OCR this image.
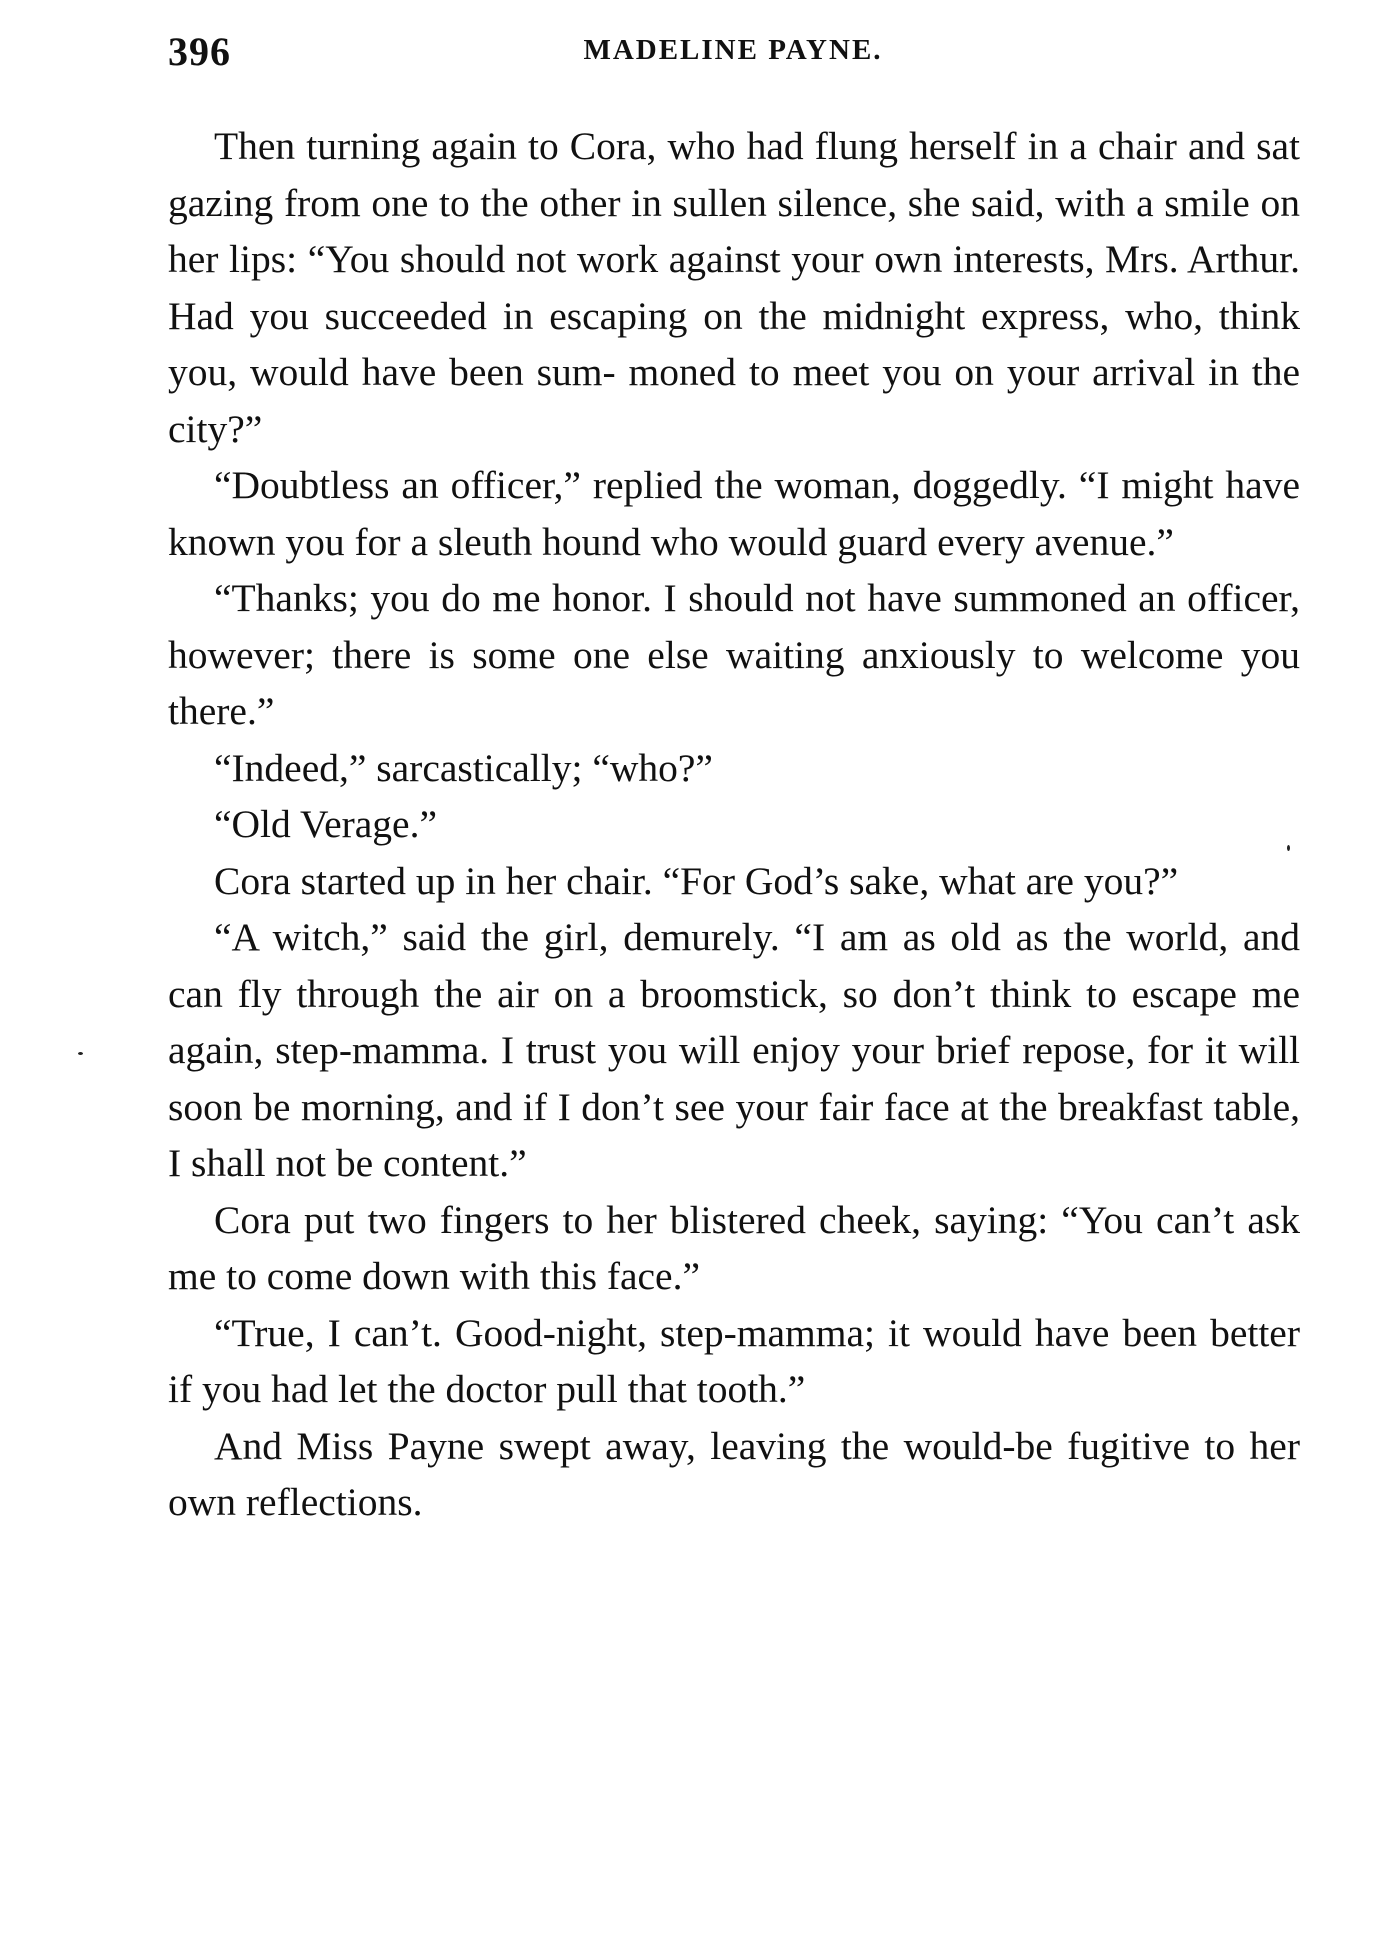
396	MADELINE PAYNE.

Then turning again to Cora, who had flung herself in a chair and sat gazing from one to the other in sullen silence, she said, with a smile on her lips: “You should not work against your own interests, Mrs. Arthur. Had you succeeded in escaping on the midnight express, who, think you, would have been sum- moned to meet you on your arrival in the city?”

“Doubtless an officer,” replied the woman, doggedly. “I might have known you for a sleuth hound who would guard every avenue.”

“Thanks; you do me honor. I should not have summoned an officer, however; there is some one else waiting anxiously to welcome you there.”

“Indeed,” sarcastically; “who?”

“Old Verage.”

Cora started up in her chair. “For God’s sake, what are you?”

“A witch,” said the girl, demurely. “I am as old as the world, and can fly through the air on a broomstick, so don’t think to escape me again, step-mamma. I trust you will enjoy your brief repose, for it will soon be morning, and if I don’t see your fair face at the breakfast table, I shall not be content.”

Cora put two fingers to her blistered cheek, saying: “You can’t ask me to come down with this face.”

“True, I can’t. Good-night, step-mamma; it would have been better if you had let the doctor pull that tooth.”

And Miss Payne swept away, leaving the would-be fugitive to her own reflections.
